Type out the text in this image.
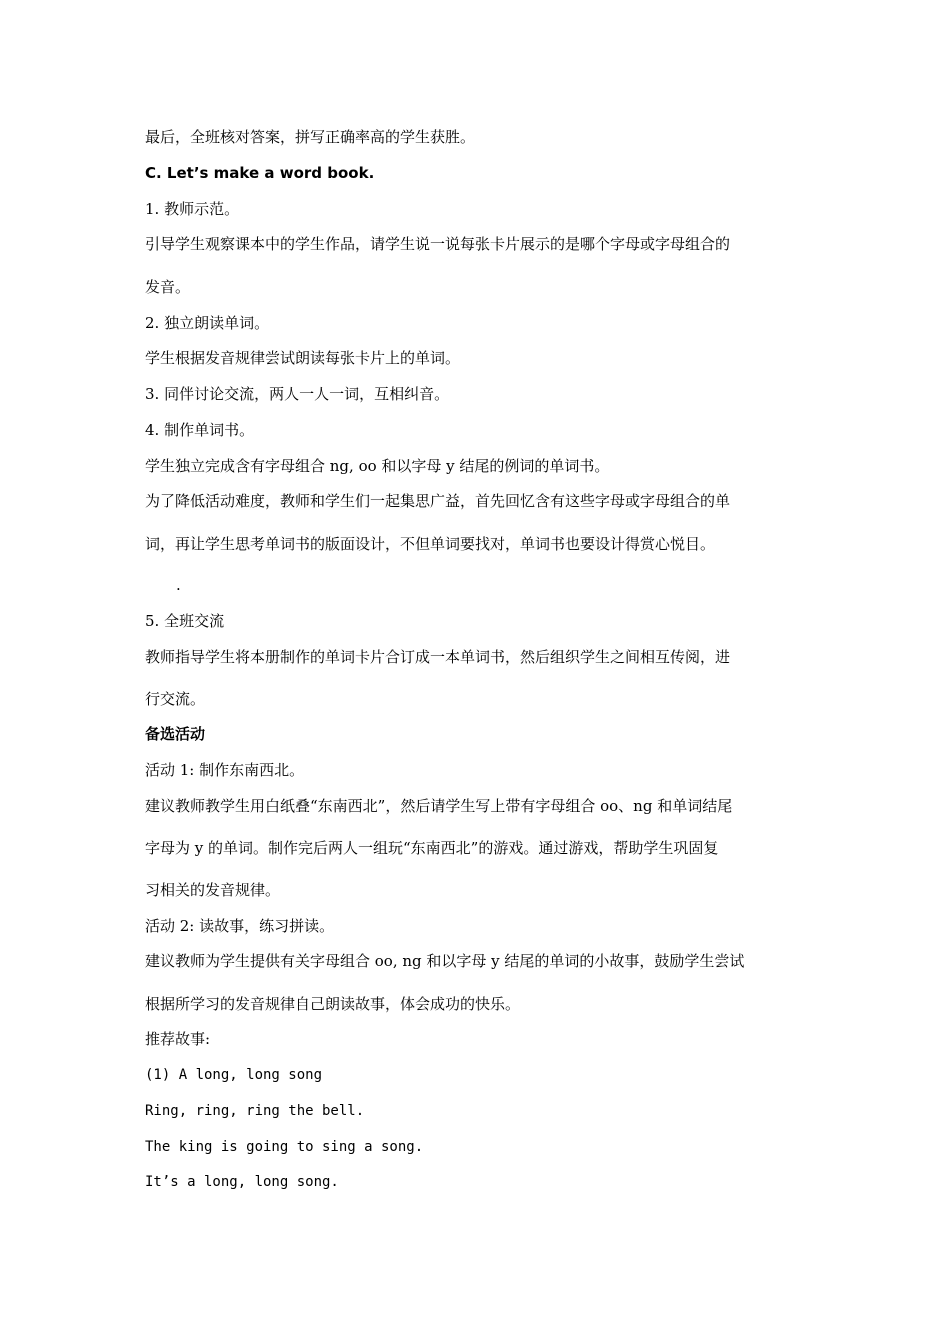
最后，全班核对答案，拼写正确率高的学生获胜。
C. Let’s make a word book.
1. 教师示范。
引导学生观察课本中的学生作品，请学生说一说每张卡片展示的是哪个字母或字母组合的
发音。
2. 独立朗读单词。
学生根据发音规律尝试朗读每张卡片上的单词。
3. 同伴讨论交流，两人一人一词，互相纠音。
4. 制作单词书。
学生独立完成含有字母组合 ng, oo 和以字母 y 结尾的例词的单词书。
为了降低活动难度，教师和学生们一起集思广益，首先回忆含有这些字母或字母组合的单
词，再让学生思考单词书的版面设计，不但单词要找对，单词书也要设计得赏心悦目。
.
5. 全班交流
教师指导学生将本册制作的单词卡片合订成一本单词书，然后组织学生之间相互传阅，进
行交流。
备选活动
活动 1: 制作东南西北。
建议教师教学生用白纸叠“东南西北”，然后请学生写上带有字母组合 oo、ng 和单词结尾
字母为 y 的单词。制作完后两人一组玩“东南西北”的游戏。通过游戏，帮助学生巩固复
习相关的发音规律。
活动 2: 读故事，练习拼读。
建议教师为学生提供有关字母组合 oo, ng 和以字母 y 结尾的单词的小故事，鼓励学生尝试
根据所学习的发音规律自己朗读故事，体会成功的快乐。
推荐故事:
(1) A long, long song
Ring, ring, ring the bell.
The king is going to sing a song.
It’s a long, long song.
